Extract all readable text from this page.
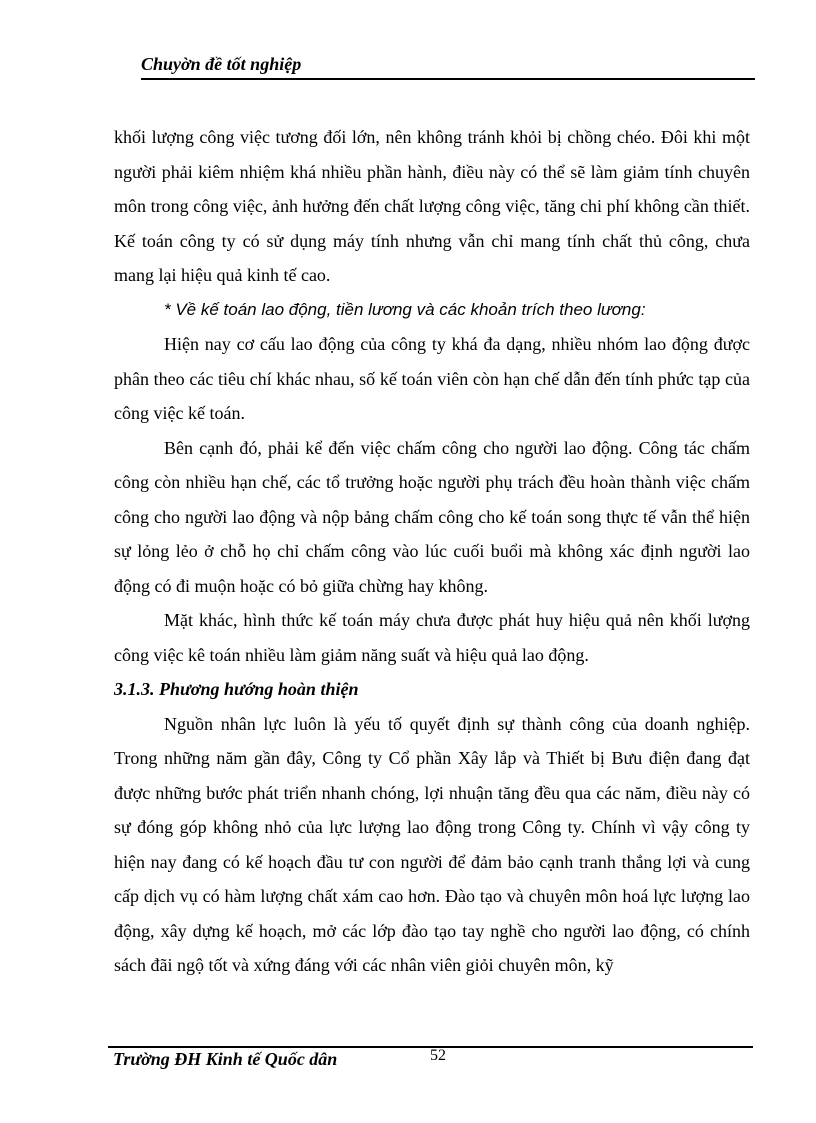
Chuyờn đề tốt nghiệp

khối lượng công việc tương đối lớn, nên không tránh khỏi bị chồng chéo. Đôi khi một người phải kiêm nhiệm khá nhiều phần hành, điều này có thể sẽ làm giảm tính chuyên môn trong công việc, ảnh hưởng đến chất lượng công việc, tăng chi phí không cần thiết. Kế toán công ty có sử dụng máy tính nhưng vẫn chỉ mang tính chất thủ công, chưa mang lại hiệu quả kinh tế cao.

* Về kế toán lao động, tiền lương và các khoản trích theo lương:

Hiện nay cơ cấu lao động của công ty khá đa dạng, nhiều nhóm lao động được phân theo các tiêu chí khác nhau, số kế toán viên còn hạn chế dẫn đến tính phức tạp của công việc kế toán.

Bên cạnh đó, phải kể đến việc chấm công cho người lao động. Công tác chấm công còn nhiều hạn chế, các tổ trưởng hoặc người phụ trách đều hoàn thành việc chấm công cho người lao động và nộp bảng chấm công cho kế toán song thực tế vẫn thể hiện sự lỏng lẻo ở chỗ họ chỉ chấm công vào lúc cuối buổi mà không xác định người lao động có đi muộn hoặc có bỏ giữa chừng hay không.

Mặt khác, hình thức kế toán máy chưa được phát huy hiệu quả nên khối lượng công việc kê toán nhiều làm giảm năng suất và hiệu quả lao động.

3.1.3. Phương hướng hoàn thiện

Nguồn nhân lực luôn là yếu tố quyết định sự thành công của doanh nghiệp. Trong những năm gần đây, Công ty Cổ phần Xây lắp và Thiết bị Bưu điện đang đạt được những bước phát triển nhanh chóng, lợi nhuận tăng đều qua các năm, điều này có sự đóng góp không nhỏ của lực lượng lao động trong Công ty. Chính vì vậy công ty hiện nay đang có kế hoạch đầu tư con người để đảm bảo cạnh tranh thắng lợi và cung cấp dịch vụ có hàm lượng chất xám cao hơn. Đào tạo và chuyên môn hoá lực lượng lao động, xây dựng kế hoạch, mở các lớp đào tạo tay nghề cho người lao động, có chính sách đãi ngộ tốt và xứng đáng với các nhân viên giỏi chuyên môn, kỹ

Trường ĐH Kinh tế Quốc dân	52
